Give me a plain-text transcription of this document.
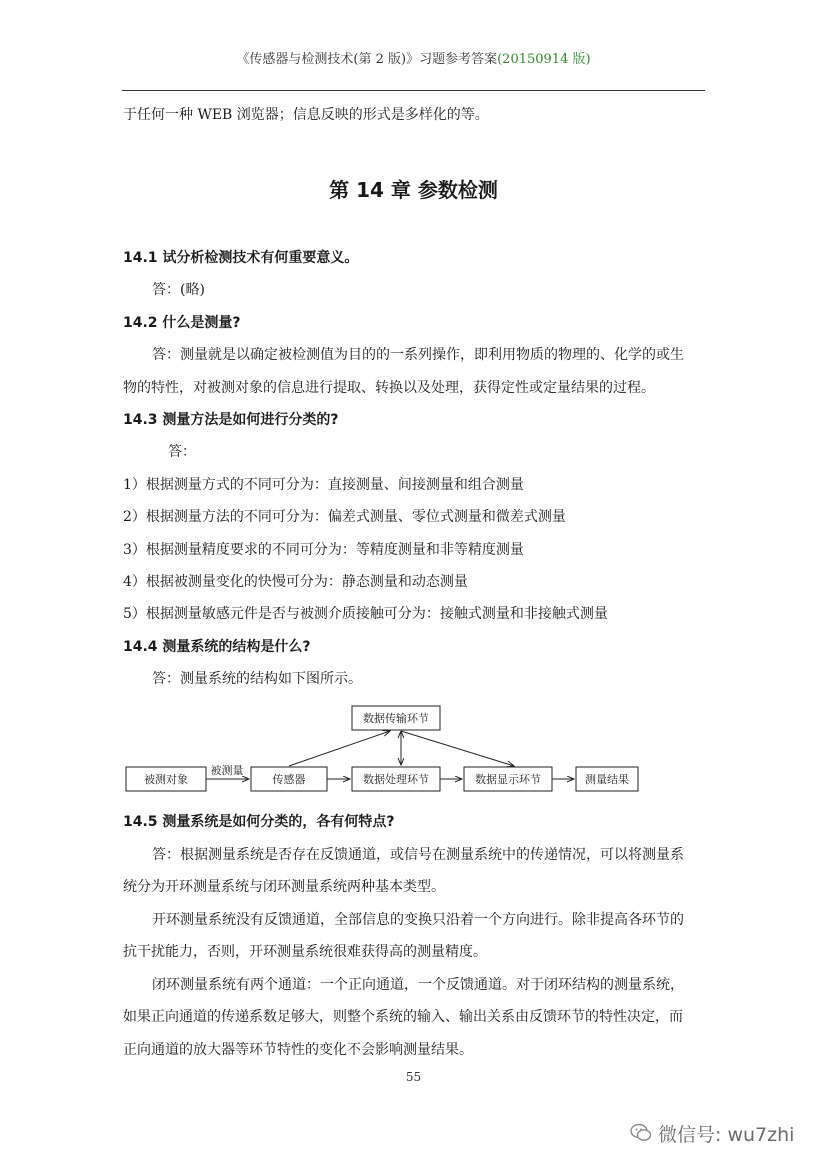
《传感器与检测技术(第 2 版)》习题参考答案(20150914 版)
于任何一种 WEB 浏览器；信息反映的形式是多样化的等。
第 14 章 参数检测
14.1 试分析检测技术有何重要意义。
答：(略)
14.2 什么是测量?
答：测量就是以确定被检测值为目的的一系列操作，即利用物质的物理的、化学的或生
物的特性，对被测对象的信息进行提取、转换以及处理，获得定性或定量结果的过程。
14.3 测量方法是如何进行分类的?
答：
1）根据测量方式的不同可分为：直接测量、间接测量和组合测量
2）根据测量方法的不同可分为：偏差式测量、零位式测量和微差式测量
3）根据测量精度要求的不同可分为：等精度测量和非等精度测量
4）根据被测量变化的快慢可分为：静态测量和动态测量
5）根据测量敏感元件是否与被测介质接触可分为：接触式测量和非接触式测量
14.4 测量系统的结构是什么?
答：测量系统的结构如下图所示。
被测对象	传感器	数据处理环节	数据显示环节	测量结果
数据传输环节
被测量
14.5 测量系统是如何分类的，各有何特点?
答：根据测量系统是否存在反馈通道，或信号在测量系统中的传递情况，可以将测量系
统分为开环测量系统与闭环测量系统两种基本类型。
开环测量系统没有反馈通道，全部信息的变换只沿着一个方向进行。除非提高各环节的
抗干扰能力，否则，开环测量系统很难获得高的测量精度。
闭环测量系统有两个通道：一个正向通道，一个反馈通道。对于闭环结构的测量系统，
如果正向通道的传递系数足够大，则整个系统的输入、输出关系由反馈环节的特性决定，而
正向通道的放大器等环节特性的变化不会影响测量结果。
55
微信号: wu7zhi
